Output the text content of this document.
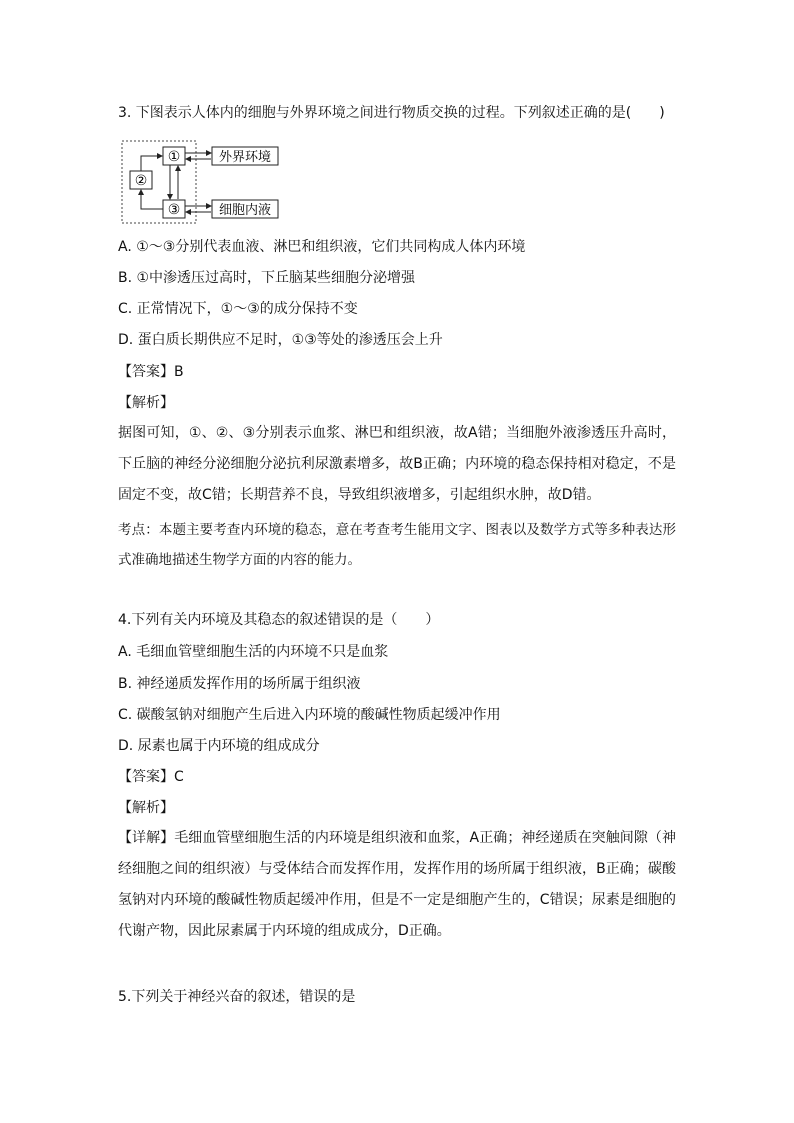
3. 下图表示人体内的细胞与外界环境之间进行物质交换的过程。下列叙述正确的是(　　)
①
②
③
外界环境
细胞内液
A. ①～③分别代表血液、淋巴和组织液，它们共同构成人体内环境
B. ①中渗透压过高时，下丘脑某些细胞分泌增强
C. 正常情况下，①～③的成分保持不变
D. 蛋白质长期供应不足时，①③等处的渗透压会上升
【答案】B
【解析】
据图可知，①、②、③分别表示血浆、淋巴和组织液，故A错；当细胞外液渗透压升高时，下丘脑的神经分泌细胞分泌抗利尿激素增多，故B正确；内环境的稳态保持相对稳定，不是固定不变，故C错；长期营养不良，导致组织液增多，引起组织水肿，故D错。
考点：本题主要考查内环境的稳态，意在考查考生能用文字、图表以及数学方式等多种表达形式准确地描述生物学方面的内容的能力。
4.下列有关内环境及其稳态的叙述错误的是（　　）
A. 毛细血管壁细胞生活的内环境不只是血浆
B. 神经递质发挥作用的场所属于组织液
C. 碳酸氢钠对细胞产生后进入内环境的酸碱性物质起缓冲作用
D. 尿素也属于内环境的组成成分
【答案】C
【解析】
【详解】毛细血管壁细胞生活的内环境是组织液和血浆，A正确；神经递质在突触间隙（神经细胞之间的组织液）与受体结合而发挥作用，发挥作用的场所属于组织液，B正确；碳酸氢钠对内环境的酸碱性物质起缓冲作用，但是不一定是细胞产生的，C错误；尿素是细胞的代谢产物，因此尿素属于内环境的组成成分，D正确。
5.下列关于神经兴奋的叙述，错误的是
